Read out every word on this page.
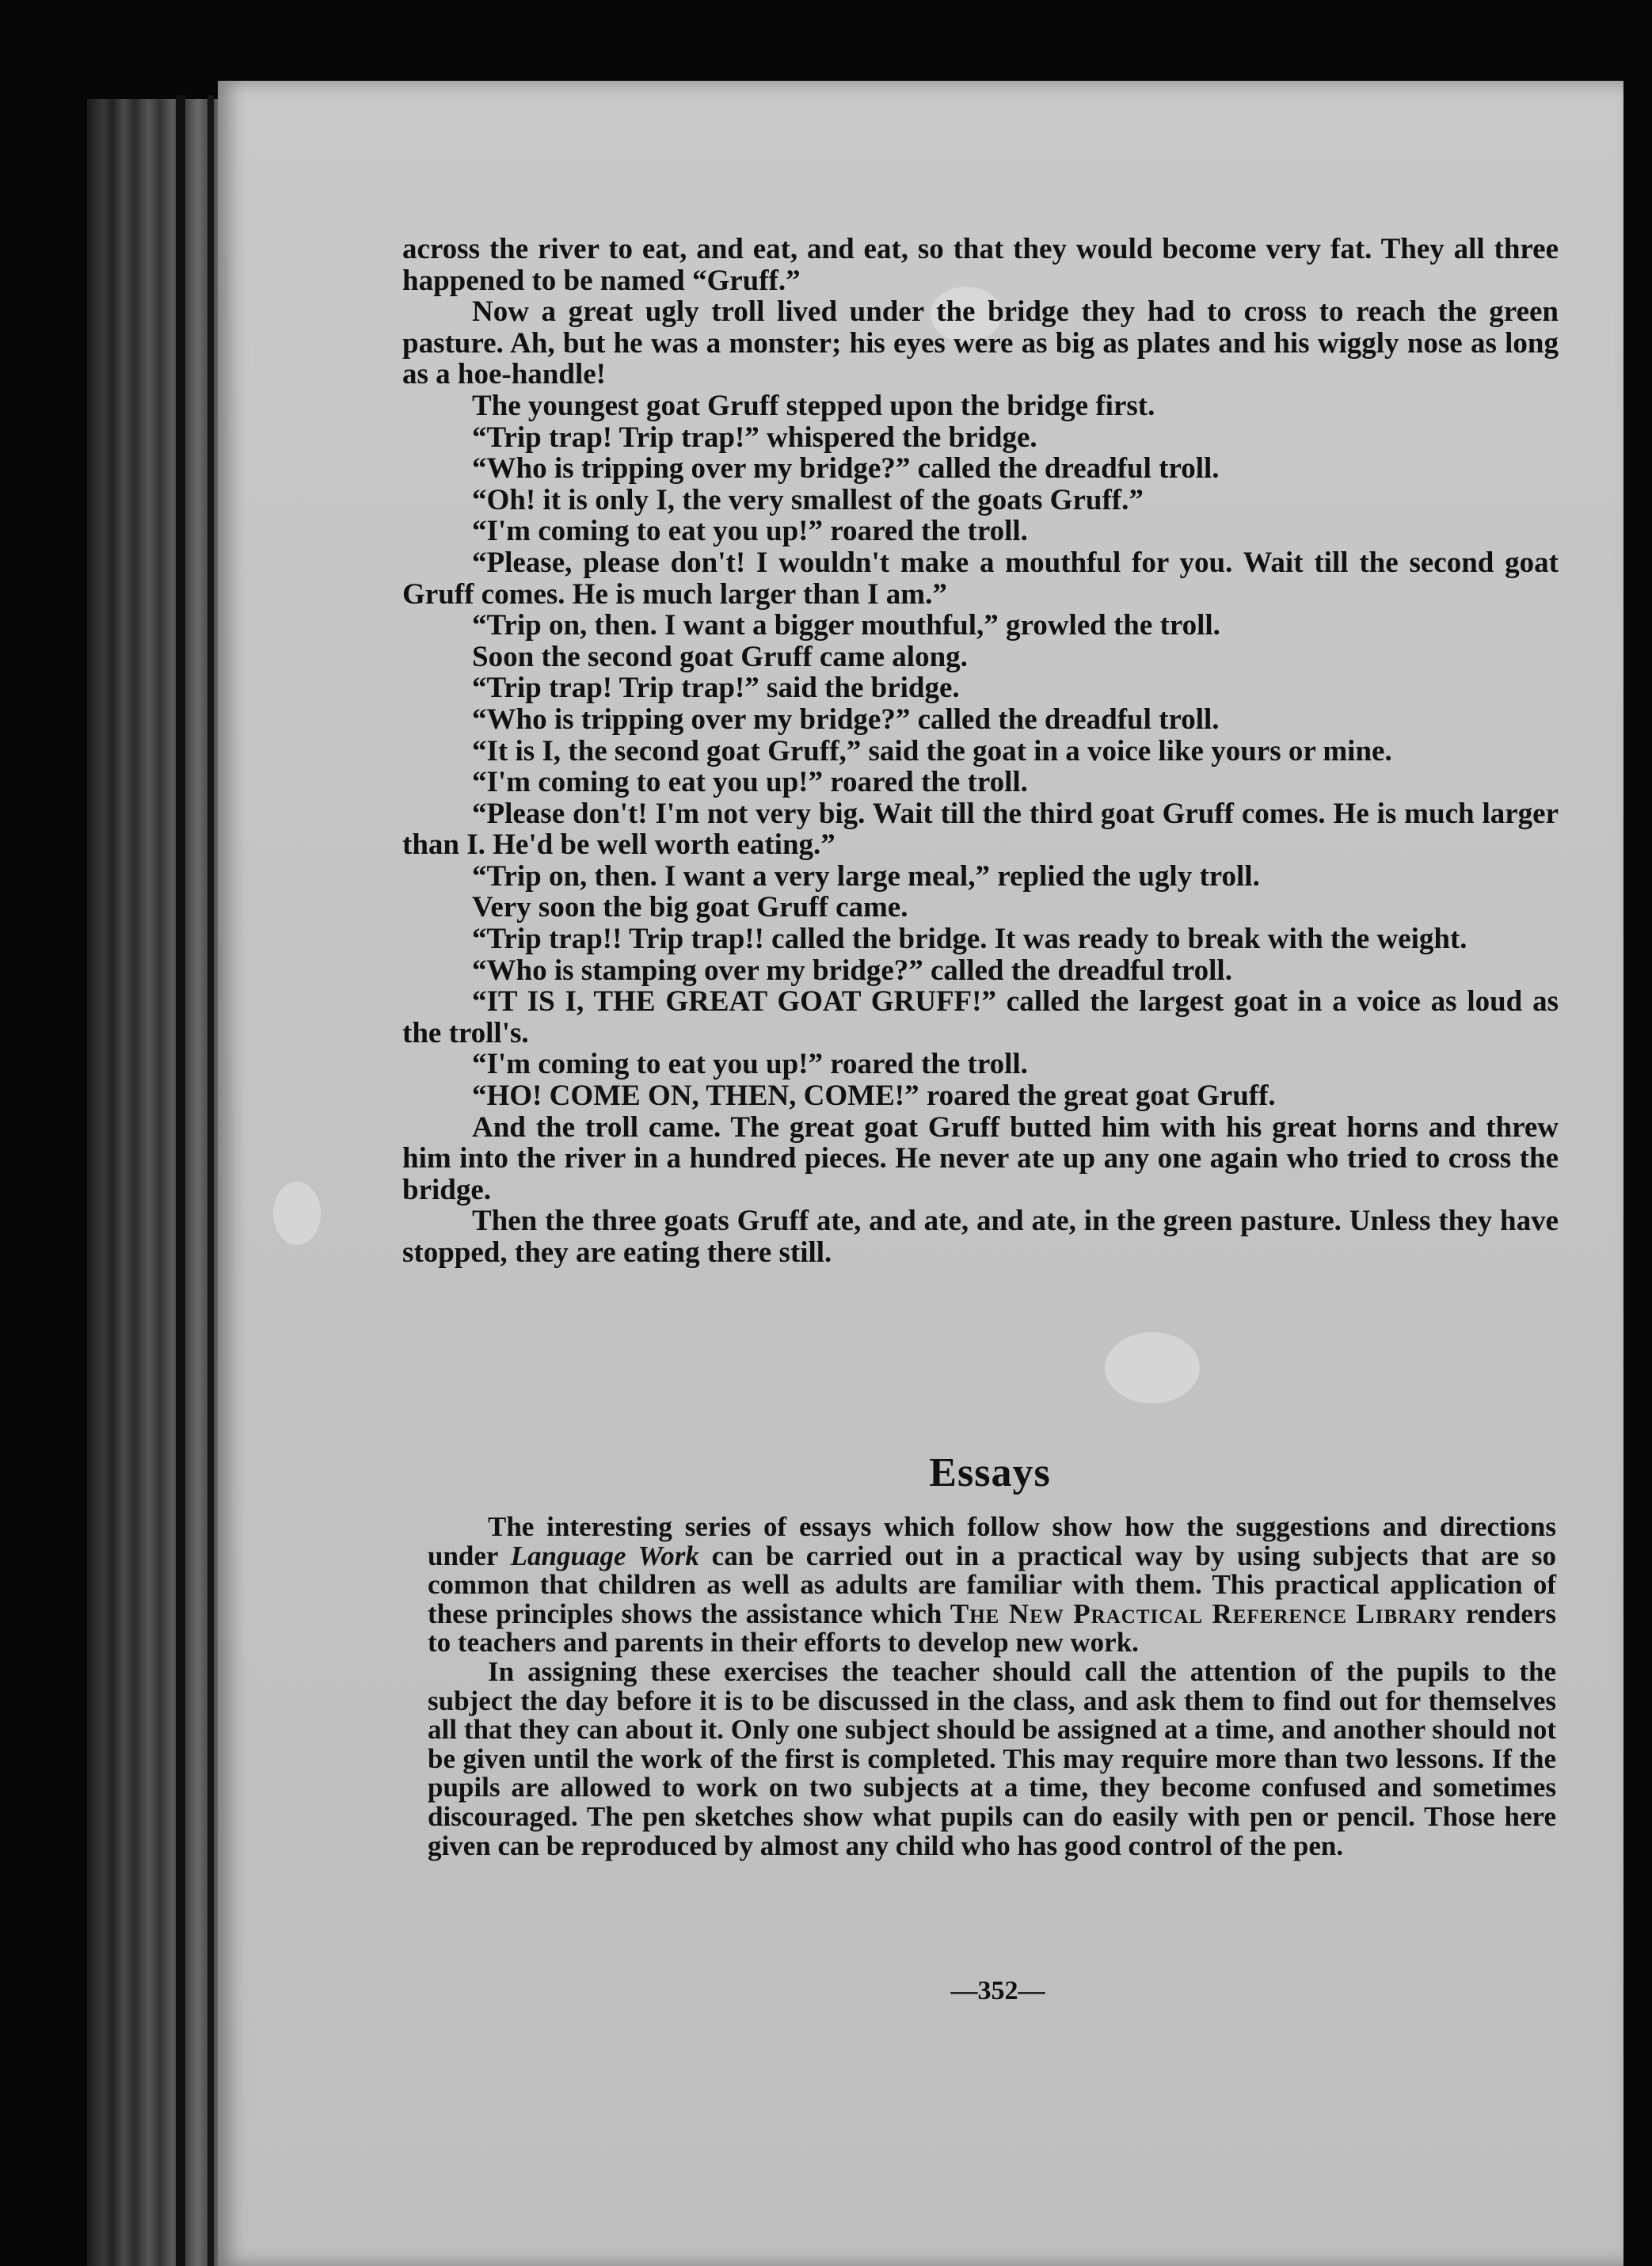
across the river to eat, and eat, and eat, so that they would become very fat. They all three happened to be named “Gruff.”

Now a great ugly troll lived under the bridge they had to cross to reach the green pasture. Ah, but he was a monster; his eyes were as big as plates and his wiggly nose as long as a hoe-handle!

The youngest goat Gruff stepped upon the bridge first.

“Trip trap! Trip trap!” whispered the bridge.

“Who is tripping over my bridge?” called the dreadful troll.

“Oh! it is only I, the very smallest of the goats Gruff.”

“I'm coming to eat you up!” roared the troll.

“Please, please don't! I wouldn't make a mouthful for you. Wait till the second goat Gruff comes. He is much larger than I am.”

“Trip on, then. I want a bigger mouthful,” growled the troll.

Soon the second goat Gruff came along.

“Trip trap! Trip trap!” said the bridge.

“Who is tripping over my bridge?” called the dreadful troll.

“It is I, the second goat Gruff,” said the goat in a voice like yours or mine.

“I'm coming to eat you up!” roared the troll.

“Please don't! I'm not very big. Wait till the third goat Gruff comes. He is much larger than I. He'd be well worth eating.”

“Trip on, then. I want a very large meal,” replied the ugly troll.

Very soon the big goat Gruff came.

“Trip trap!! Trip trap!! called the bridge. It was ready to break with the weight.

“Who is stamping over my bridge?” called the dreadful troll.

“IT IS I, THE GREAT GOAT GRUFF!” called the largest goat in a voice as loud as the troll's.

“I'm coming to eat you up!” roared the troll.

“HO! COME ON, THEN, COME!” roared the great goat Gruff.

And the troll came. The great goat Gruff butted him with his great horns and threw him into the river in a hundred pieces. He never ate up any one again who tried to cross the bridge.

Then the three goats Gruff ate, and ate, and ate, in the green pasture. Unless they have stopped, they are eating there still.

Essays

The interesting series of essays which follow show how the suggestions and directions under Language Work can be carried out in a practical way by using subjects that are so common that children as well as adults are familiar with them. This practical application of these principles shows the assistance which The New Practical Reference Library renders to teachers and parents in their efforts to develop new work.

In assigning these exercises the teacher should call the attention of the pupils to the subject the day before it is to be discussed in the class, and ask them to find out for themselves all that they can about it. Only one subject should be assigned at a time, and another should not be given until the work of the first is completed. This may require more than two lessons. If the pupils are allowed to work on two subjects at a time, they become confused and sometimes discouraged. The pen sketches show what pupils can do easily with pen or pencil. Those here given can be reproduced by almost any child who has good control of the pen.

—352—
